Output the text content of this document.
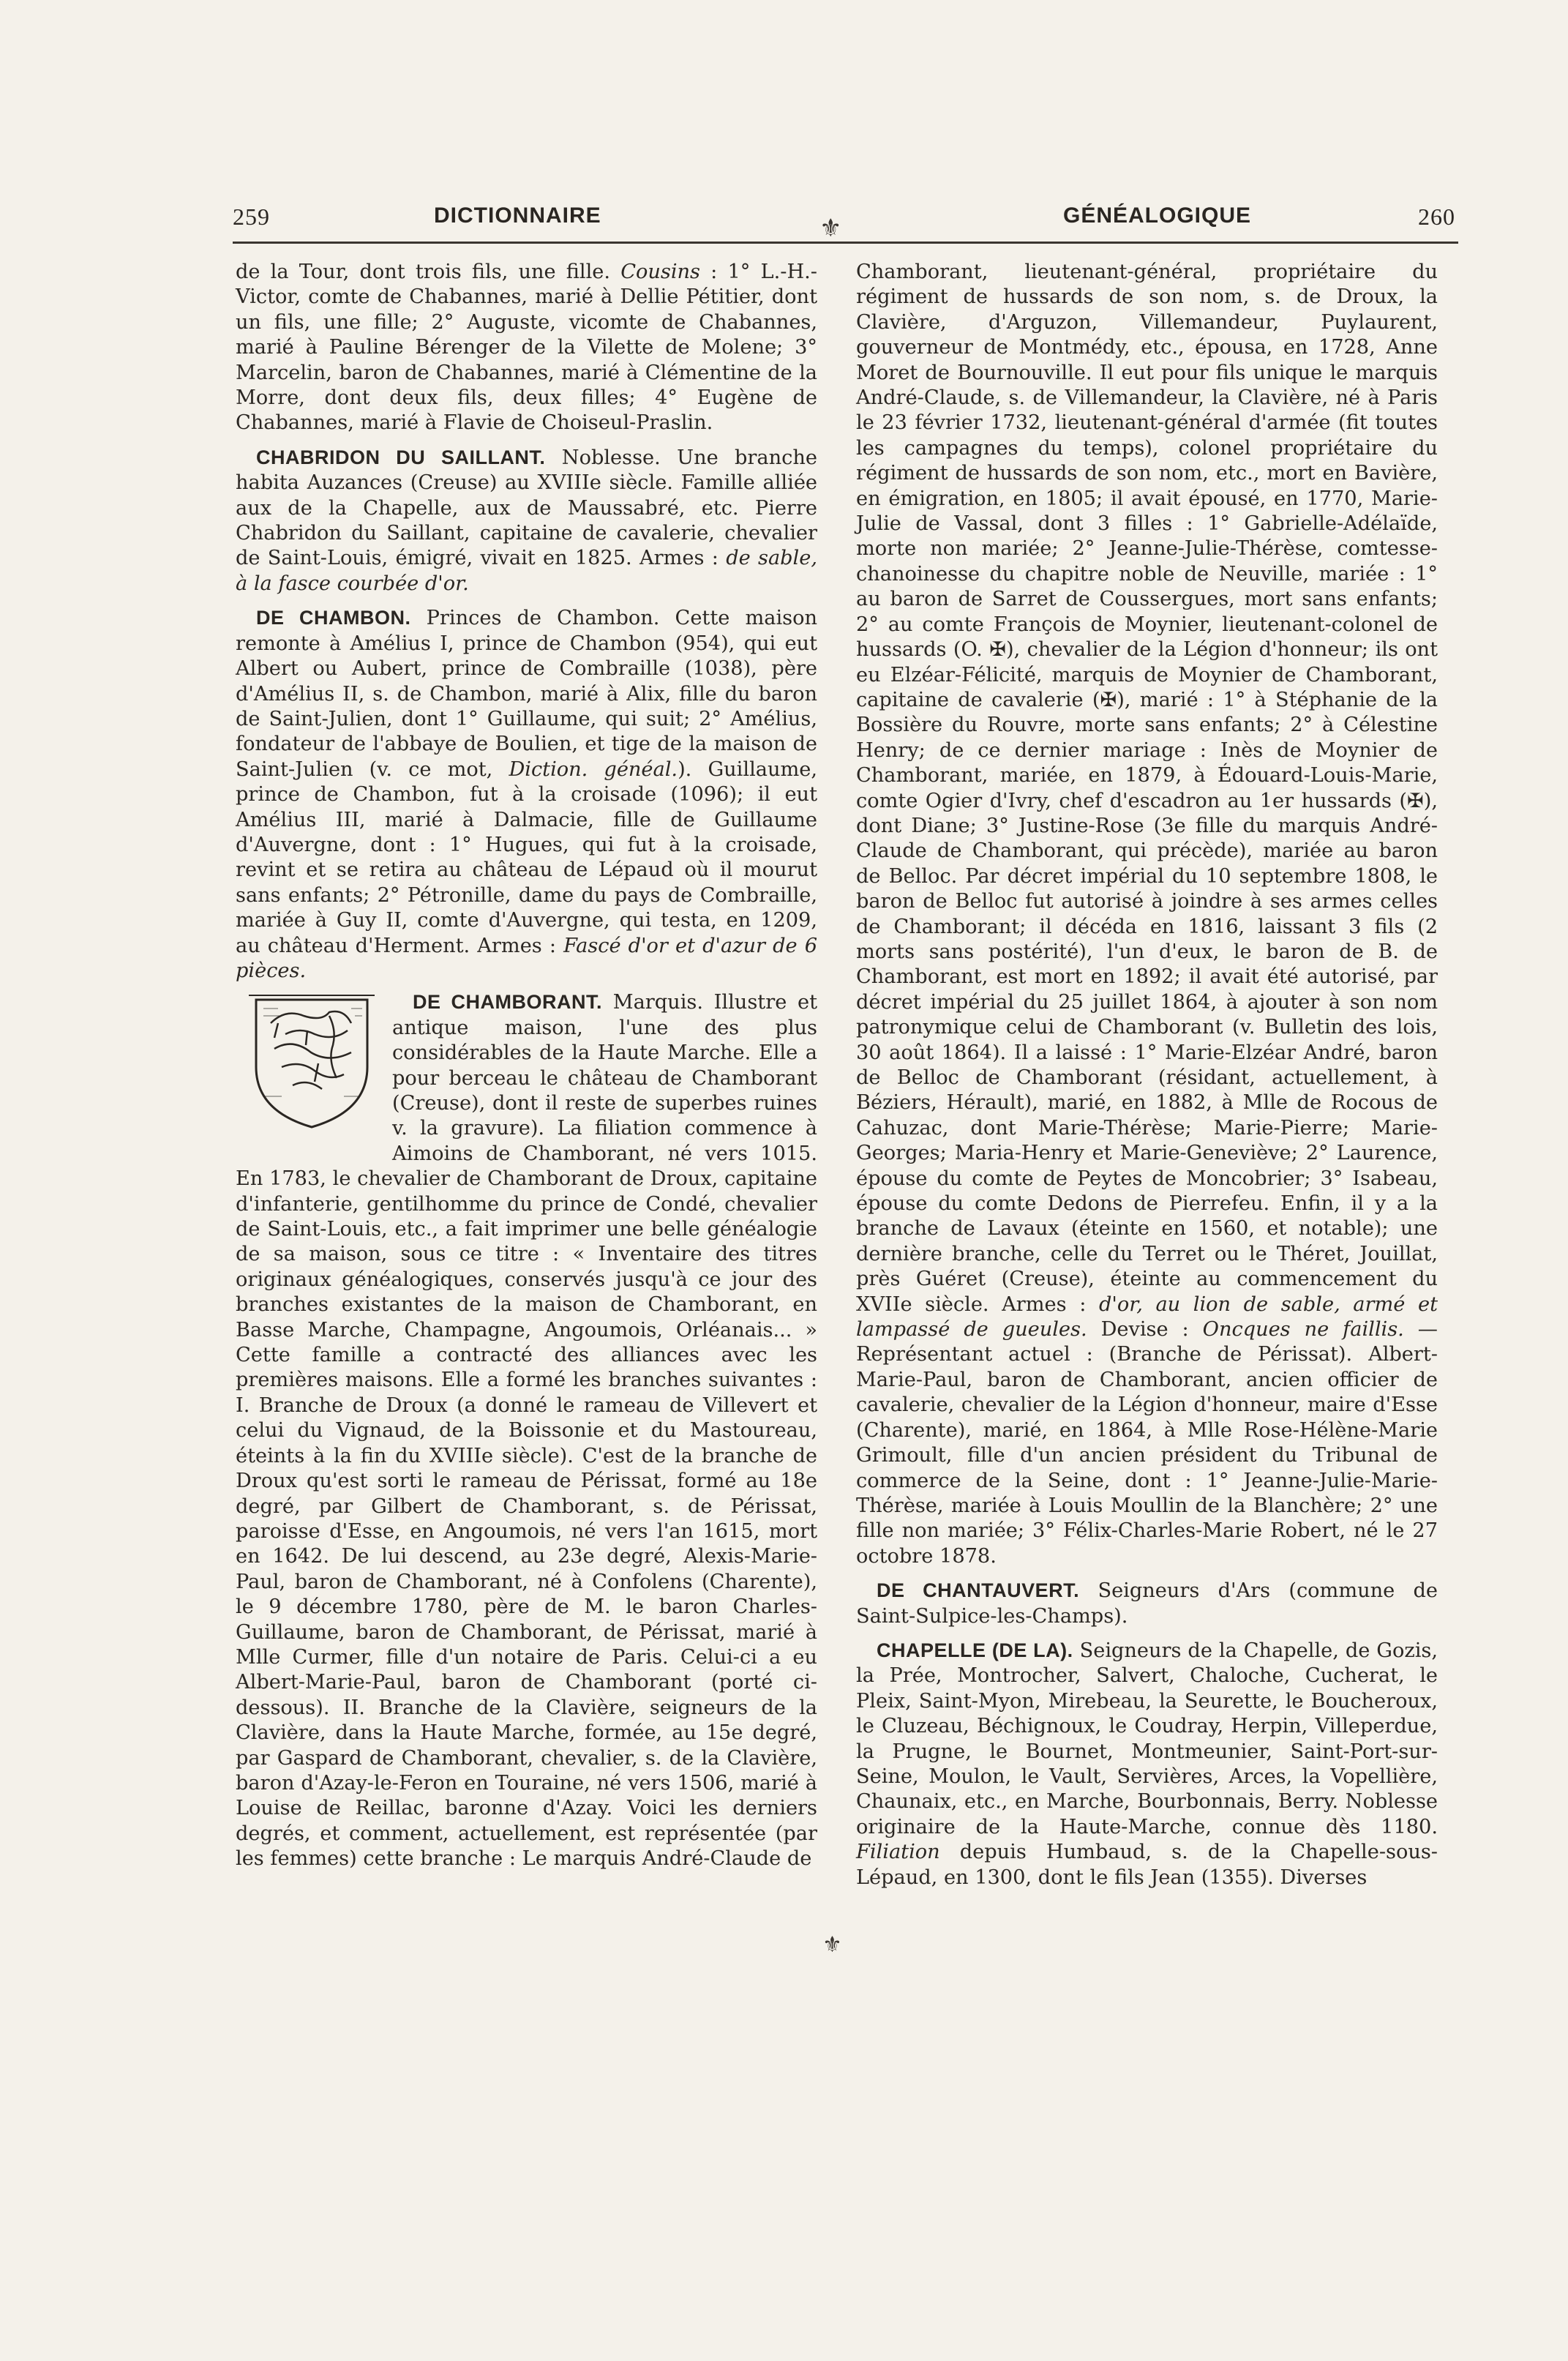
259	DICTIONNAIRE	GÉNÉALOGIQUE	260
⚜
⚜

de la Tour, dont trois fils, une fille. Cousins : 1° L.-H.-Victor, comte de Chabannes, marié à Dellie Pétitier, dont un fils, une fille; 2° Auguste, vicomte de Chabannes, marié à Pauline Bérenger de la Vilette de Molene; 3° Marcelin, baron de Chabannes, marié à Clémentine de la Morre, dont deux fils, deux filles; 4° Eugène de Chabannes, marié à Flavie de Choiseul-Praslin.

CHABRIDON DU SAILLANT. Noblesse. Une branche habita Auzances (Creuse) au XVIIIe siècle. Famille alliée aux de la Chapelle, aux de Maussabré, etc. Pierre Chabridon du Saillant, capitaine de cavalerie, chevalier de Saint-Louis, émigré, vivait en 1825. Armes : de sable, à la fasce courbée d'or.

DE CHAMBON. Princes de Chambon. Cette maison remonte à Amélius I, prince de Chambon (954), qui eut Albert ou Aubert, prince de Combraille (1038), père d'Amélius II, s. de Chambon, marié à Alix, fille du baron de Saint-Julien, dont 1° Guillaume, qui suit; 2° Amélius, fondateur de l'abbaye de Boulien, et tige de la maison de Saint-Julien (v. ce mot, Diction. généal.). Guillaume, prince de Chambon, fut à la croisade (1096); il eut Amélius III, marié à Dalmacie, fille de Guillaume d'Auvergne, dont : 1° Hugues, qui fut à la croisade, revint et se retira au château de Lépaud où il mourut sans enfants; 2° Pétronille, dame du pays de Combraille, mariée à Guy II, comte d'Auvergne, qui testa, en 1209, au château d'Herment. Armes : Fascé d'or et d'azur de 6 pièces.

DE CHAMBORANT. Marquis. Illustre et antique maison, l'une des plus considérables de la Haute Marche. Elle a pour berceau le château de Chamborant (Creuse), dont il reste de superbes ruines v. la gravure). La filiation commence à Aimoins de Chamborant, né vers 1015. En 1783, le chevalier de Chamborant de Droux, capitaine d'infanterie, gentilhomme du prince de Condé, chevalier de Saint-Louis, etc., a fait imprimer une belle généalogie de sa maison, sous ce titre : « Inventaire des titres originaux généalogiques, conservés jusqu'à ce jour des branches existantes de la maison de Chamborant, en Basse Marche, Champagne, Angoumois, Orléanais... » Cette famille a contracté des alliances avec les premières maisons. Elle a formé les branches suivantes : I. Branche de Droux (a donné le rameau de Villevert et celui du Vignaud, de la Boissonie et du Mastoureau, éteints à la fin du XVIIIe siècle). C'est de la branche de Droux qu'est sorti le rameau de Périssat, formé au 18e degré, par Gilbert de Chamborant, s. de Périssat, paroisse d'Esse, en Angoumois, né vers l'an 1615, mort en 1642. De lui descend, au 23e degré, Alexis-Marie-Paul, baron de Chamborant, né à Confolens (Charente), le 9 décembre 1780, père de M. le baron Charles-Guillaume, baron de Chamborant, de Périssat, marié à Mlle Curmer, fille d'un notaire de Paris. Celui-ci a eu Albert-Marie-Paul, baron de Chamborant (porté ci-dessous). II. Branche de la Clavière, seigneurs de la Clavière, dans la Haute Marche, formée, au 15e degré, par Gaspard de Chamborant, chevalier, s. de la Clavière, baron d'Azay-le-Feron en Touraine, né vers 1506, marié à Louise de Reillac, baronne d'Azay. Voici les derniers degrés, et comment, actuellement, est représentée (par les femmes) cette branche : Le marquis André-Claude de

Chamborant, lieutenant-général, propriétaire du régiment de hussards de son nom, s. de Droux, la Clavière, d'Arguzon, Villemandeur, Puylaurent, gouverneur de Montmédy, etc., épousa, en 1728, Anne Moret de Bournouville. Il eut pour fils unique le marquis André-Claude, s. de Villemandeur, la Clavière, né à Paris le 23 février 1732, lieutenant-général d'armée (fit toutes les campagnes du temps), colonel propriétaire du régiment de hussards de son nom, etc., mort en Bavière, en émigration, en 1805; il avait épousé, en 1770, Marie-Julie de Vassal, dont 3 filles : 1° Gabrielle-Adélaïde, morte non mariée; 2° Jeanne-Julie-Thérèse, comtesse-chanoinesse du chapitre noble de Neuville, mariée : 1° au baron de Sarret de Coussergues, mort sans enfants; 2° au comte François de Moynier, lieutenant-colonel de hussards (O. ✠), chevalier de la Légion d'honneur; ils ont eu Elzéar-Félicité, marquis de Moynier de Chamborant, capitaine de cavalerie (✠), marié : 1° à Stéphanie de la Bossière du Rouvre, morte sans enfants; 2° à Célestine Henry; de ce dernier mariage : Inès de Moynier de Chamborant, mariée, en 1879, à Édouard-Louis-Marie, comte Ogier d'Ivry, chef d'escadron au 1er hussards (✠), dont Diane; 3° Justine-Rose (3e fille du marquis André-Claude de Chamborant, qui précède), mariée au baron de Belloc. Par décret impérial du 10 septembre 1808, le baron de Belloc fut autorisé à joindre à ses armes celles de Chamborant; il décéda en 1816, laissant 3 fils (2 morts sans postérité), l'un d'eux, le baron de B. de Chamborant, est mort en 1892; il avait été autorisé, par décret impérial du 25 juillet 1864, à ajouter à son nom patronymique celui de Chamborant (v. Bulletin des lois, 30 août 1864). Il a laissé : 1° Marie-Elzéar André, baron de Belloc de Chamborant (résidant, actuellement, à Béziers, Hérault), marié, en 1882, à Mlle de Rocous de Cahuzac, dont Marie-Thérèse; Marie-Pierre; Marie-Georges; Maria-Henry et Marie-Geneviève; 2° Laurence, épouse du comte de Peytes de Moncobrier; 3° Isabeau, épouse du comte Dedons de Pierrefeu. Enfin, il y a la branche de Lavaux (éteinte en 1560, et notable); une dernière branche, celle du Terret ou le Théret, Jouillat, près Guéret (Creuse), éteinte au commencement du XVIIe siècle. Armes : d'or, au lion de sable, armé et lampassé de gueules. Devise : Oncques ne faillis. — Représentant actuel : (Branche de Périssat). Albert-Marie-Paul, baron de Chamborant, ancien officier de cavalerie, chevalier de la Légion d'honneur, maire d'Esse (Charente), marié, en 1864, à Mlle Rose-Hélène-Marie Grimoult, fille d'un ancien président du Tribunal de commerce de la Seine, dont : 1° Jeanne-Julie-Marie-Thérèse, mariée à Louis Moullin de la Blanchère; 2° une fille non mariée; 3° Félix-Charles-Marie Robert, né le 27 octobre 1878.

DE CHANTAUVERT. Seigneurs d'Ars (commune de Saint-Sulpice-les-Champs).

CHAPELLE (DE LA). Seigneurs de la Chapelle, de Gozis, la Prée, Montrocher, Salvert, Chaloche, Cucherat, le Pleix, Saint-Myon, Mirebeau, la Seurette, le Boucheroux, le Cluzeau, Béchignoux, le Coudray, Herpin, Villeperdue, la Prugne, le Bournet, Montmeunier, Saint-Port-sur-Seine, Moulon, le Vault, Servières, Arces, la Vopellière, Chaunaix, etc., en Marche, Bourbonnais, Berry. Noblesse originaire de la Haute-Marche, connue dès 1180. Filiation depuis Humbaud, s. de la Chapelle-sous-Lépaud, en 1300, dont le fils Jean (1355). Diverses
